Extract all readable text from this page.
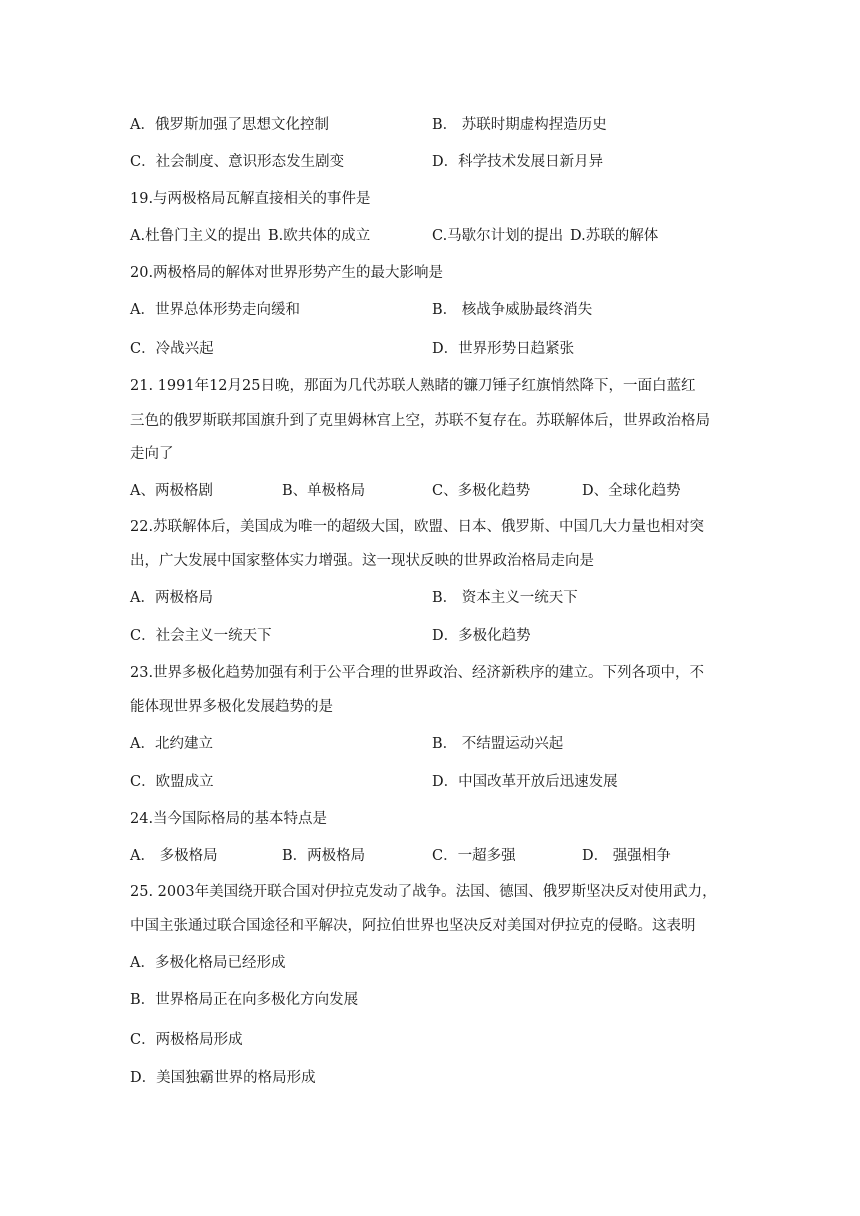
A．俄罗斯加强了思想文化控制	B． 苏联时期虚构捏造历史
C．社会制度、意识形态发生剧变	D．科学技术发展日新月异
19.与两极格局瓦解直接相关的事件是
A.杜鲁门主义的提出 B.欧共体的成立	C.马歇尔计划的提出 D.苏联的解体
20.两极格局的解体对世界形势产生的最大影响是
A．世界总体形势走向缓和	B． 核战争威胁最终消失
C．冷战兴起	D．世界形势日趋紧张
21. 1991年12月25日晚，那面为几代苏联人熟睹的镰刀锤子红旗悄然降下，一面白蓝红
三色的俄罗斯联邦国旗升到了克里姆林宫上空，苏联不复存在。苏联解体后，世界政治格局
走向了
A、两极格剧	B、单极格局	C、多极化趋势	D、全球化趋势
22.苏联解体后，美国成为唯一的超级大国，欧盟、日本、俄罗斯、中国几大力量也相对突
出，广大发展中国家整体实力增强。这一现状反映的世界政治格局走向是
A．两极格局	B． 资本主义一统天下
C．社会主义一统天下	D．多极化趋势
23.世界多极化趋势加强有利于公平合理的世界政治、经济新秩序的建立。下列各项中，不
能体现世界多极化发展趋势的是
A．北约建立	B． 不结盟运动兴起
C．欧盟成立	D．中国改革开放后迅速发展
24.当今国际格局的基本特点是
A． 多极格局	B．两极格局	C．一超多强	D． 强强相争
25. 2003年美国绕开联合国对伊拉克发动了战争。法国、德国、俄罗斯坚决反对使用武力，
中国主张通过联合国途径和平解决，阿拉伯世界也坚决反对美国对伊拉克的侵略。这表明
A．多极化格局已经形成
B．世界格局正在向多极化方向发展
C．两极格局形成
D．美国独霸世界的格局形成
